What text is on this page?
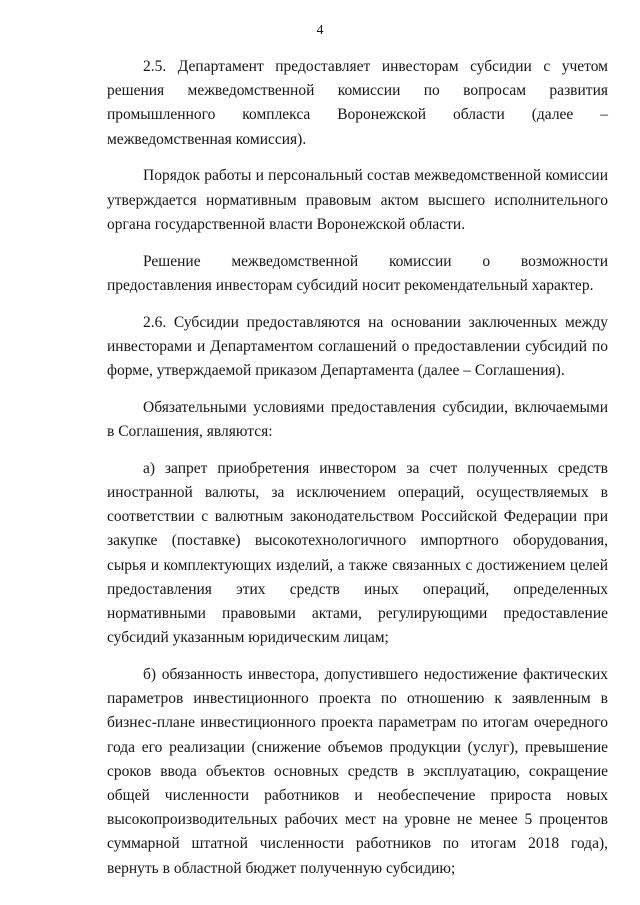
4

2.5. Департамент предоставляет инвесторам субсидии с учетом решения межведомственной комиссии по вопросам развития промышленного комплекса Воронежской области (далее – межведомственная комиссия).

Порядок работы и персональный состав межведомственной комиссии утверждается нормативным правовым актом высшего исполнительного органа государственной власти Воронежской области.

Решение межведомственной комиссии о возможности предоставления инвесторам субсидий носит рекомендательный характер.

2.6. Субсидии предоставляются на основании заключенных между инвесторами и Департаментом соглашений о предоставлении субсидий по форме, утверждаемой приказом Департамента (далее – Соглашения).

Обязательными условиями предоставления субсидии, включаемыми в Соглашения, являются:

а) запрет приобретения инвестором за счет полученных средств иностранной валюты, за исключением операций, осуществляемых в соответствии с валютным законодательством Российской Федерации при закупке (поставке) высокотехнологичного импортного оборудования, сырья и комплектующих изделий, а также связанных с достижением целей предоставления этих средств иных операций, определенных нормативными правовыми актами, регулирующими предоставление субсидий указанным юридическим лицам;

б) обязанность инвестора, допустившего недостижение фактических параметров инвестиционного проекта по отношению к заявленным в бизнес-плане инвестиционного проекта параметрам по итогам очередного года его реализации (снижение объемов продукции (услуг), превышение сроков ввода объектов основных средств в эксплуатацию, сокращение общей численности работников и необеспечение прироста новых высокопроизводительных рабочих мест на уровне не менее 5 процентов суммарной штатной численности работников по итогам 2018 года), вернуть в областной бюджет полученную субсидию;
